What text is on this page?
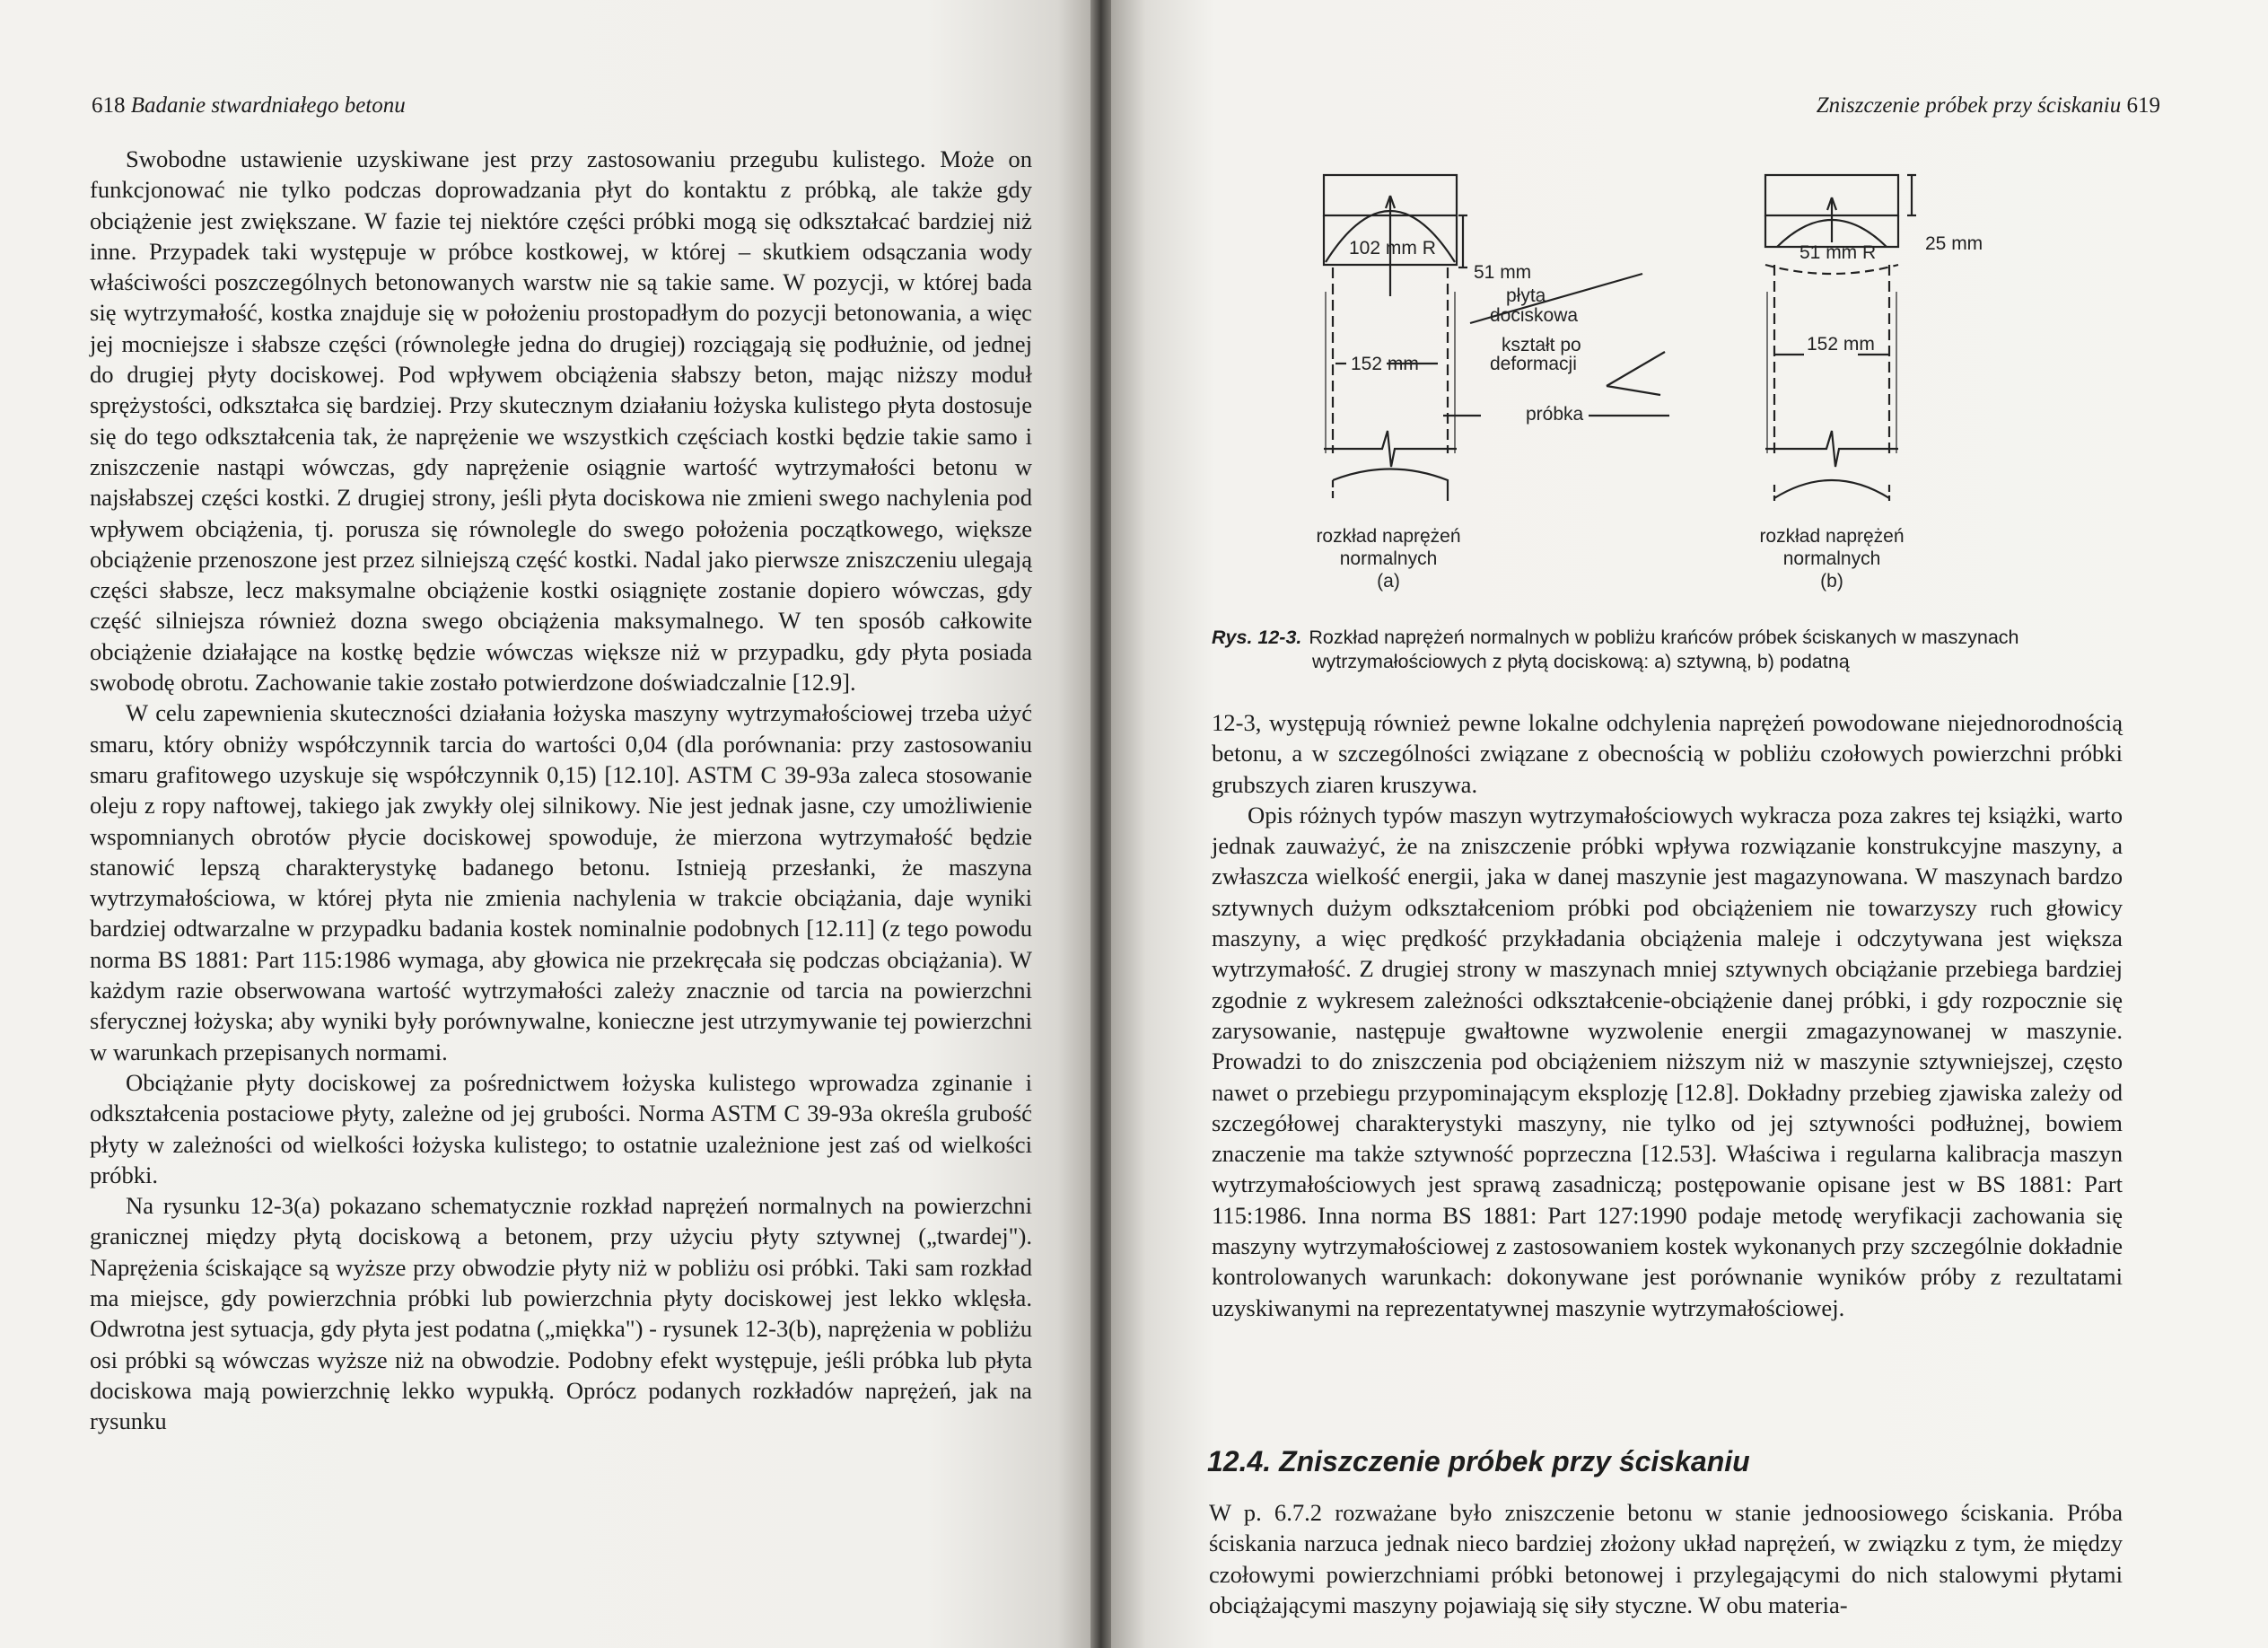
618 Badanie stwardniałego betonu

Swobodne ustawienie uzyskiwane jest przy zastosowaniu przegubu kulistego. Może on funkcjonować nie tylko podczas doprowadzania płyt do kontaktu z próbką, ale także gdy obciążenie jest zwiększane. W fazie tej niektóre części próbki mogą się odkształcać bardziej niż inne. Przypadek taki występuje w próbce kostkowej, w której – skutkiem odsączania wody właściwości poszczególnych betonowanych warstw nie są takie same. W pozycji, w której bada się wytrzymałość, kostka znajduje się w położeniu prostopadłym do pozycji betonowania, a więc jej mocniejsze i słabsze części (równoległe jedna do drugiej) rozciągają się podłużnie, od jednej do drugiej płyty dociskowej. Pod wpływem obciążenia słabszy beton, mając niższy moduł sprężystości, odkształca się bardziej. Przy skutecznym działaniu łożyska kulistego płyta dostosuje się do tego odkształcenia tak, że naprężenie we wszystkich częściach kostki będzie takie samo i zniszczenie nastąpi wówczas, gdy naprężenie osiągnie wartość wytrzymałości betonu w najsłabszej części kostki. Z drugiej strony, jeśli płyta dociskowa nie zmieni swego nachylenia pod wpływem obciążenia, tj. porusza się równolegle do swego położenia początkowego, większe obciążenie przenoszone jest przez silniejszą część kostki. Nadal jako pierwsze zniszczeniu ulegają części słabsze, lecz maksymalne obciążenie kostki osiągnięte zostanie dopiero wówczas, gdy część silniejsza również dozna swego obciążenia maksymalnego. W ten sposób całkowite obciążenie działające na kostkę będzie wówczas większe niż w przypadku, gdy płyta posiada swobodę obrotu. Zachowanie takie zostało potwierdzone doświadczalnie [12.9].

W celu zapewnienia skuteczności działania łożyska maszyny wytrzymałościowej trzeba użyć smaru, który obniży współczynnik tarcia do wartości 0,04 (dla porównania: przy zastosowaniu smaru grafitowego uzyskuje się współczynnik 0,15) [12.10]. ASTM C 39-93a zaleca stosowanie oleju z ropy naftowej, takiego jak zwykły olej silnikowy. Nie jest jednak jasne, czy umożliwienie wspomnianych obrotów płycie dociskowej spowoduje, że mierzona wytrzymałość będzie stanowić lepszą charakterystykę badanego betonu. Istnieją przesłanki, że maszyna wytrzymałościowa, w której płyta nie zmienia nachylenia w trakcie obciążania, daje wyniki bardziej odtwarzalne w przypadku badania kostek nominalnie podobnych [12.11] (z tego powodu norma BS 1881: Part 115:1986 wymaga, aby głowica nie przekręcała się podczas obciążania). W każdym razie obserwowana wartość wytrzymałości zależy znacznie od tarcia na powierzchni sferycznej łożyska; aby wyniki były porównywalne, konieczne jest utrzymywanie tej powierzchni w warunkach przepisanych normami.

Obciążanie płyty dociskowej za pośrednictwem łożyska kulistego wprowadza zginanie i odkształcenia postaciowe płyty, zależne od jej grubości. Norma ASTM C 39-93a określa grubość płyty w zależności od wielkości łożyska kulistego; to ostatnie uzależnione jest zaś od wielkości próbki.

Na rysunku 12-3(a) pokazano schematycznie rozkład naprężeń normalnych na powierzchni granicznej między płytą dociskową a betonem, przy użyciu płyty sztywnej („twardej"). Naprężenia ściskające są wyższe przy obwodzie płyty niż w pobliżu osi próbki. Taki sam rozkład ma miejsce, gdy powierzchnia próbki lub powierzchnia płyty dociskowej jest lekko wklęsła. Odwrotna jest sytuacja, gdy płyta jest podatna („miękka") - rysunek 12-3(b), naprężenia w pobliżu osi próbki są wówczas wyższe niż na obwodzie. Podobny efekt występuje, jeśli próbka lub płyta dociskowa mają powierzchnię lekko wypukłą. Oprócz podanych rozkładów naprężeń, jak na rysunku

Zniszczenie próbek przy ściskaniu 619
102 mm R
152 mm
51 mm
płyta
dociskowa
kształt po
deformacji
próbka
51 mm R	25 mm
152 mm
rozkład naprężeń
normalnych
(a)
rozkład naprężeń
normalnych
(b)
Rys. 12-3. Rozkład naprężeń normalnych w pobliżu krańców próbek ściskanych w maszynach
wytrzymałościowych z płytą dociskową: a) sztywną, b) podatną

12-3, występują również pewne lokalne odchylenia naprężeń powodowane niejednorodnością betonu, a w szczególności związane z obecnością w pobliżu czołowych powierzchni próbki grubszych ziaren kruszywa.

Opis różnych typów maszyn wytrzymałościowych wykracza poza zakres tej książki, warto jednak zauważyć, że na zniszczenie próbki wpływa rozwiązanie konstrukcyjne maszyny, a zwłaszcza wielkość energii, jaka w danej maszynie jest magazynowana. W maszynach bardzo sztywnych dużym odkształceniom próbki pod obciążeniem nie towarzyszy ruch głowicy maszyny, a więc prędkość przykładania obciążenia maleje i odczytywana jest większa wytrzymałość. Z drugiej strony w maszynach mniej sztywnych obciążanie przebiega bardziej zgodnie z wykresem zależności odkształcenie-obciążenie danej próbki, i gdy rozpocznie się zarysowanie, następuje gwałtowne wyzwolenie energii zmagazynowanej w maszynie. Prowadzi to do zniszczenia pod obciążeniem niższym niż w maszynie sztywniejszej, często nawet o przebiegu przypominającym eksplozję [12.8]. Dokładny przebieg zjawiska zależy od szczegółowej charakterystyki maszyny, nie tylko od jej sztywności podłużnej, bowiem znaczenie ma także sztywność poprzeczna [12.53]. Właściwa i regularna kalibracja maszyn wytrzymałościowych jest sprawą zasadniczą; postępowanie opisane jest w BS 1881: Part 115:1986. Inna norma BS 1881: Part 127:1990 podaje metodę weryfikacji zachowania się maszyny wytrzymałościowej z zastosowaniem kostek wykonanych przy szczególnie dokładnie kontrolowanych warunkach: dokonywane jest porównanie wyników próby z rezultatami uzyskiwanymi na reprezentatywnej maszynie wytrzymałościowej.

12.4. Zniszczenie próbek przy ściskaniu

W p. 6.7.2 rozważane było zniszczenie betonu w stanie jednoosiowego ściskania. Próba ściskania narzuca jednak nieco bardziej złożony układ naprężeń, w związku z tym, że między czołowymi powierzchniami próbki betonowej i przylegającymi do nich stalowymi płytami obciążającymi maszyny pojawiają się siły styczne. W obu materia-
